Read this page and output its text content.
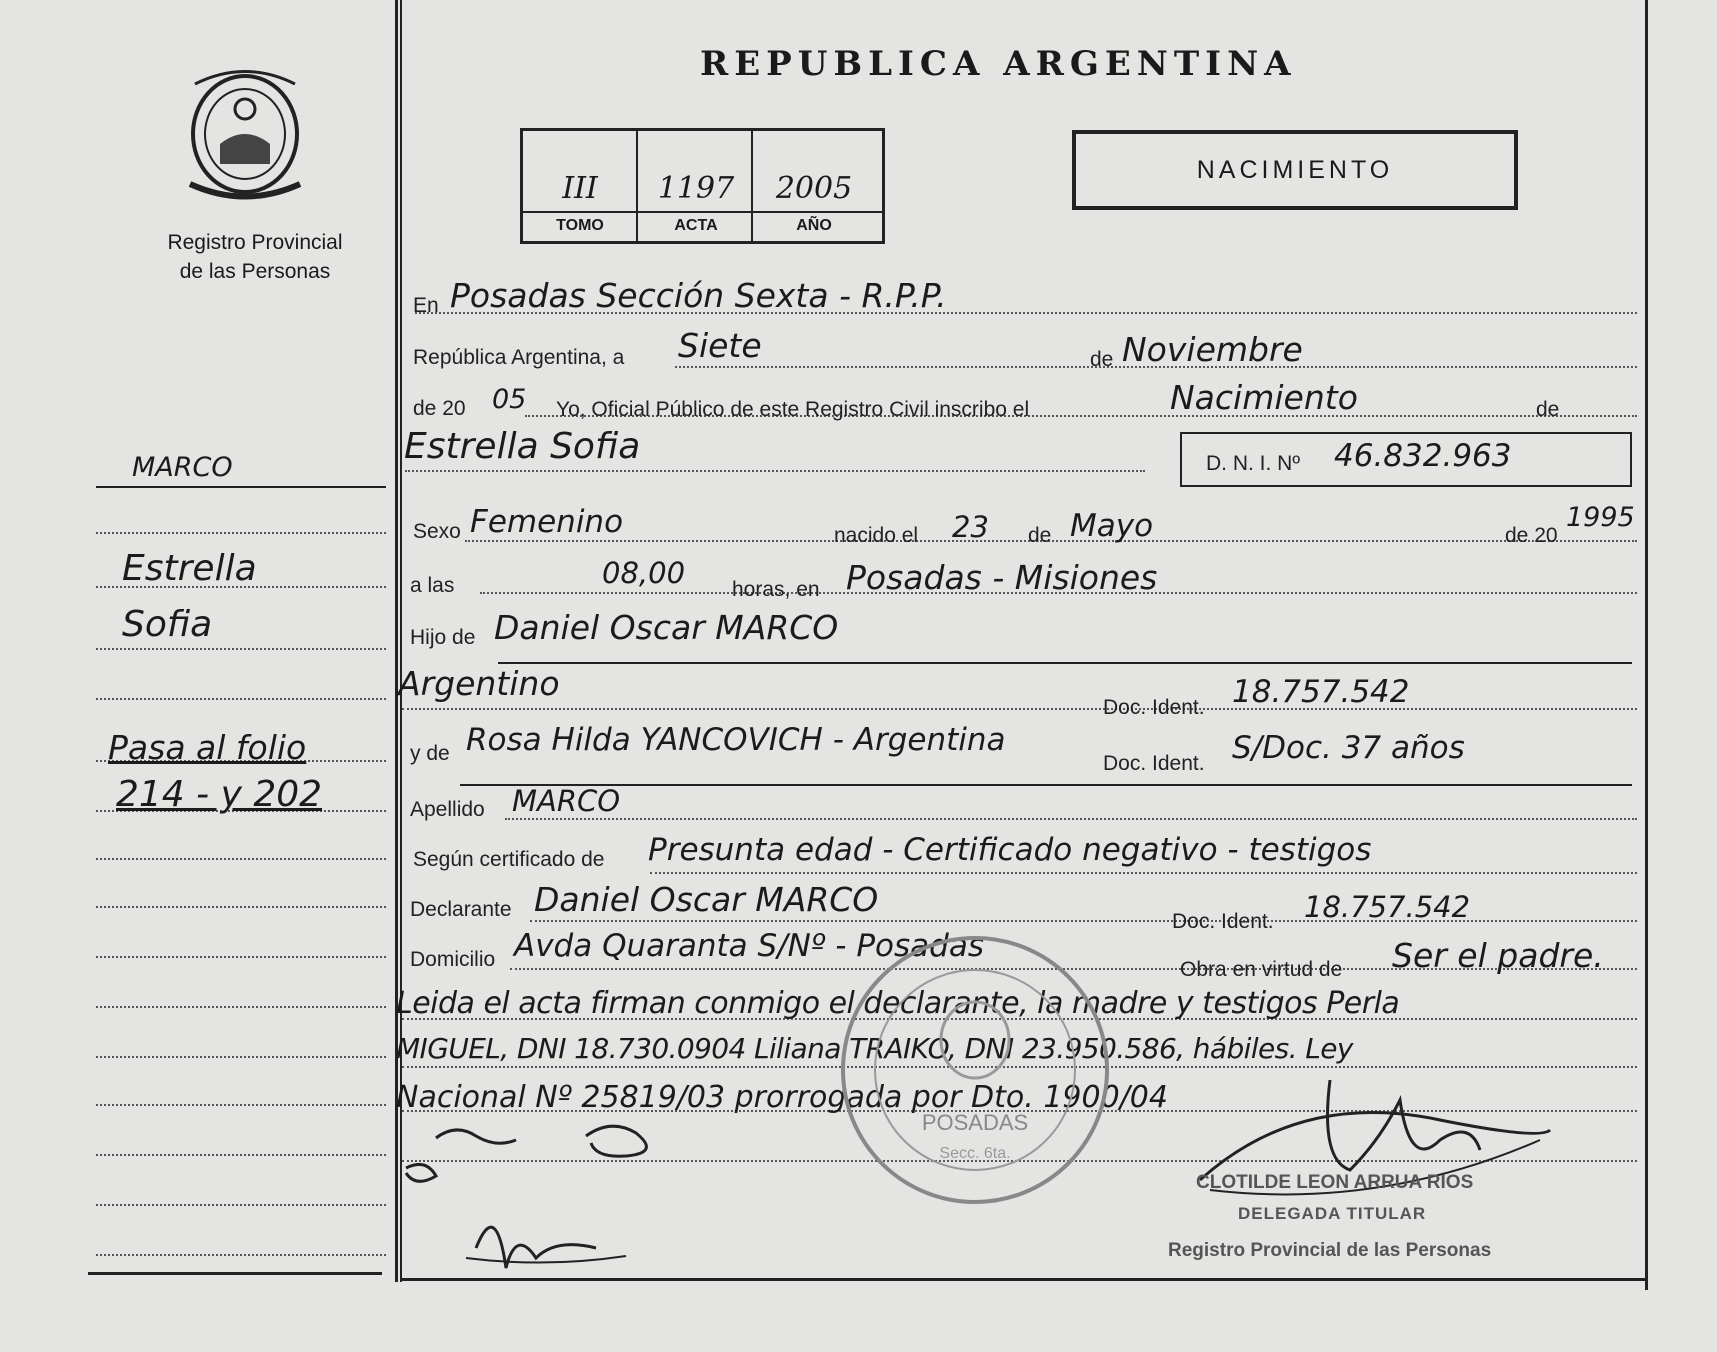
REPUBLICA ARGENTINA
Registro Provincial
de las Personas
III	1197	2005
TOMO	ACTA	AÑO
NACIMIENTO
MARCO
Estrella
Sofia
Pasa al folio
214 - y 202
En Posadas Sección Sexta - R.P.P.
República Argentina, a Siete	de Noviembre
de 20 05 Yo, Oficial Público de este Registro Civil inscribo el	Nacimiento	de
Estrella Sofia	D. N. I. Nº 46.832.963
Sexo Femenino	nacido el 23 de Mayo	de 20
1995
a las	08,00 horas, en Posadas - Misiones
Hijo de Daniel Oscar MARCO
Argentino
Doc. Ident. 18.757.542
y de Rosa Hilda YANCOVICH - Argentina
Doc. Ident. S/Doc. 37 años
Apellido MARCO
Según certificado de Presunta edad - Certificado negativo - testigos
Declarante Daniel Oscar MARCO
Doc. Ident. 18.757.542
Domicilio Avda Quaranta S/Nº - Posadas
Obra en virtud de Ser el padre.
Leida el acta firman conmigo el declarante, la madre y testigos Perla
MIGUEL, DNI 18.730.0904 Liliana TRAIKO, DNI 23.950.586, hábiles. Ley
Nacional Nº 25819/03 prorrogada por Dto. 1900/04
POSADAS
Secc. 6ta.
CLOTILDE LEON ARRUA RIOS
DELEGADA TITULAR
Registro Provincial de las Personas
